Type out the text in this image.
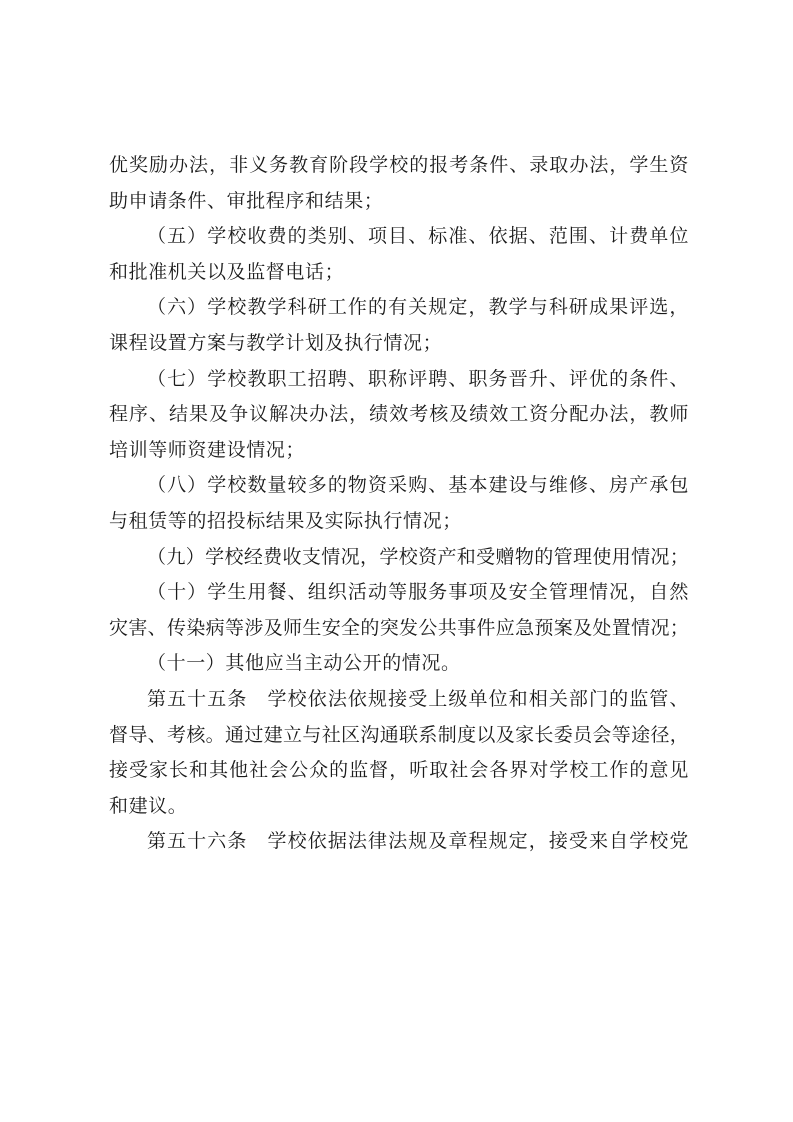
优奖励办法，非义务教育阶段学校的报考条件、录取办法，学生资
助申请条件、审批程序和结果；
（五）学校收费的类别、项目、标准、依据、范围、计费单位
和批准机关以及监督电话；
（六）学校教学科研工作的有关规定，教学与科研成果评选，
课程设置方案与教学计划及执行情况；
（七）学校教职工招聘、职称评聘、职务晋升、评优的条件、
程序、结果及争议解决办法，绩效考核及绩效工资分配办法，教师
培训等师资建设情况；
（八）学校数量较多的物资采购、基本建设与维修、房产承包
与租赁等的招投标结果及实际执行情况；
（九）学校经费收支情况，学校资产和受赠物的管理使用情况；
（十）学生用餐、组织活动等服务事项及安全管理情况，自然
灾害、传染病等涉及师生安全的突发公共事件应急预案及处置情况；
（十一）其他应当主动公开的情况。
第五十五条　学校依法依规接受上级单位和相关部门的监管、
督导、考核。通过建立与社区沟通联系制度以及家长委员会等途径，
接受家长和其他社会公众的监督，听取社会各界对学校工作的意见
和建议。
第五十六条　学校依据法律法规及章程规定，接受来自学校党
